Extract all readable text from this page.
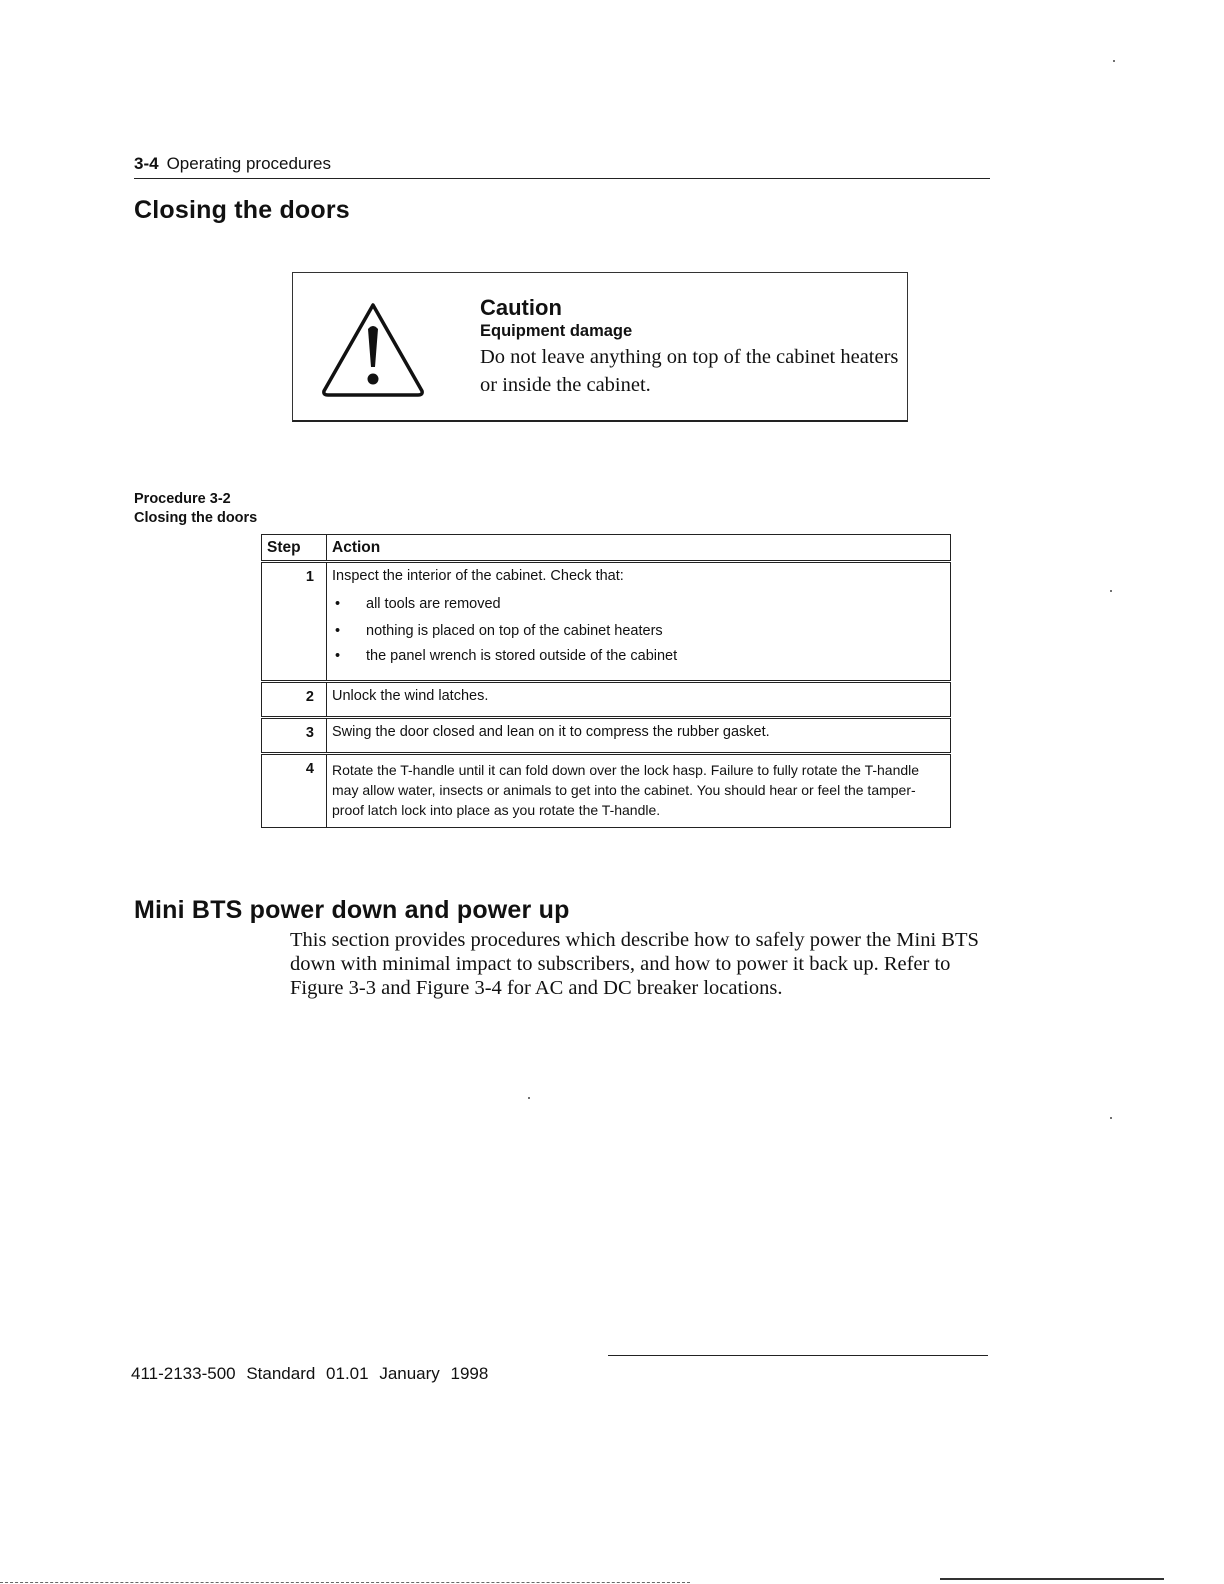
3-4 Operating procedures
Closing the doors
Caution
Equipment damage
Do not leave anything on top of the cabinet heaters or inside the cabinet.
Procedure 3-2
Closing the doors
Step	Action
1	Inspect the interior of the cabinet. Check that:
• all tools are removed
• nothing is placed on top of the cabinet heaters
• the panel wrench is stored outside of the cabinet

2	Unlock the wind latches.
3	Swing the door closed and lean on it to compress the rubber gasket.
4	Rotate the T-handle until it can fold down over the lock hasp. Failure to fully rotate the T-handle may allow water, insects or animals to get into the cabinet. You should hear or feel the tamper-proof latch lock into place as you rotate the T-handle.
Mini BTS power down and power up
This section provides procedures which describe how to safely power the Mini BTS down with minimal impact to subscribers, and how to power it back up. Refer to Figure 3-3 and Figure 3-4 for AC and DC breaker locations.
411-2133-500 Standard 01.01 January 1998
